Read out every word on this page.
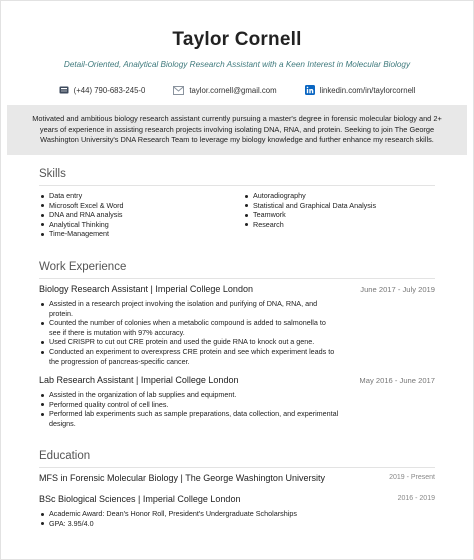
Taylor Cornell
Detail-Oriented, Analytical Biology Research Assistant with a Keen Interest in Molecular Biology
(+44) 790-683-245-0	taylor.cornell@gmail.com	linkedin.com/in/taylorcornell
Motivated and ambitious biology research assistant currently pursuing a master's degree in forensic molecular biology and 2+ years of experience in assisting research projects involving isolating DNA, RNA, and protein. Seeking to join The George Washington University's DNA Research Team to leverage my biology knowledge and further enhance my research skills.
Skills
Data entry
Microsoft Excel & Word
DNA and RNA analysis
Analytical Thinking
Time-Management
Autoradiography
Statistical and Graphical Data Analysis
Teamwork
Research
Work Experience
Biology Research Assistant | Imperial College London	June 2017 - July 2019
Assisted in a research project involving the isolation and purifying of DNA, RNA, and protein.
Counted the number of colonies when a metabolic compound is added to salmonella to see if there is mutation with 97% accuracy.
Used CRISPR to cut out CRE protein and used the guide RNA to knock out a gene.
Conducted an experiment to overexpress CRE protein and see which experiment leads to the progression of pancreas-specific cancer.
Lab Research Assistant | Imperial College London	May 2016 - June 2017
Assisted in the organization of lab supplies and equipment.
Performed quality control of cell lines.
Performed lab experiments such as sample preparations, data collection, and experimental designs.
Education
MFS in Forensic Molecular Biology | The George Washington University	2019 - Present
BSc Biological Sciences | Imperial College London	2016 - 2019
Academic Award: Dean's Honor Roll, President's Undergraduate Scholarships
GPA: 3.95/4.0
